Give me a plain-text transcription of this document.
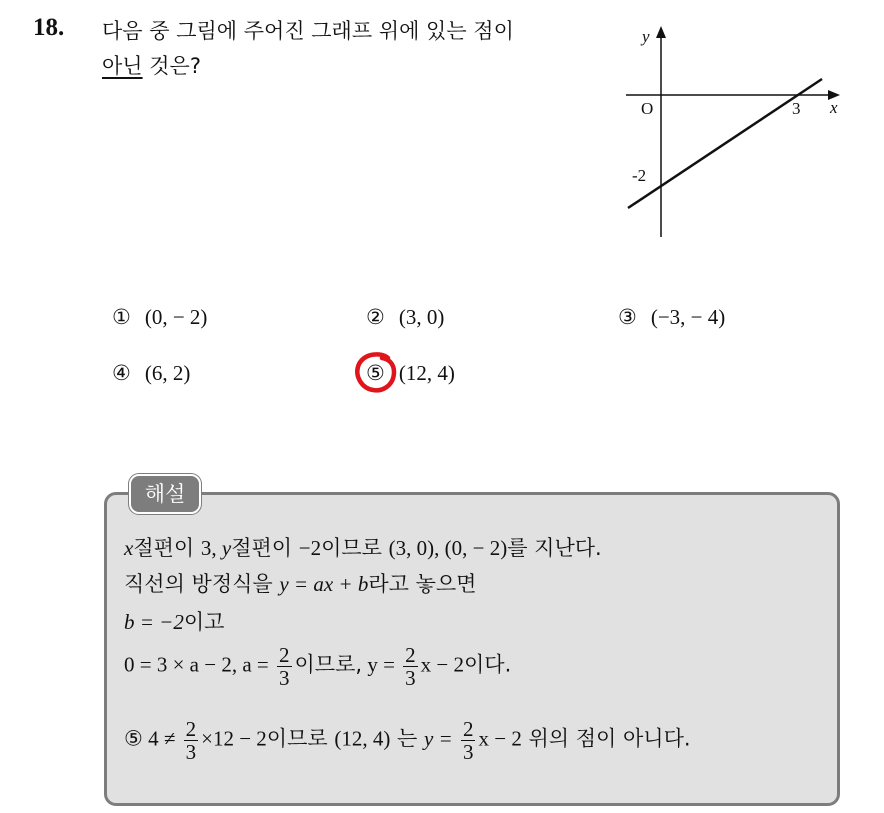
18. 다음 중 그림에 주어진 그래프 위에 있는 점이
아닌 것은?
y
x
O	3
-2
① (0, − 2)	② (3, 0)	③ (−3, − 4)
④ (6, 2)	⑤ (12, 4)
해설
x절편이 3, y절편이 −2이므로 (3, 0), (0, − 2)를 지난다.
직선의 방정식을 y = ax + b라고 놓으면
b = −2이고
0 = 3 × a − 2, $a = \frac{2}{3}$ 이므로, $y = \frac{2}{3}$ x − 2이다.
⑤ $4 \ne \frac{2}{3} \times 12 - 2$이므로 (12, 4) 는 $y = \frac{2}{3}$ x − 2 위의 점이 아니다.
